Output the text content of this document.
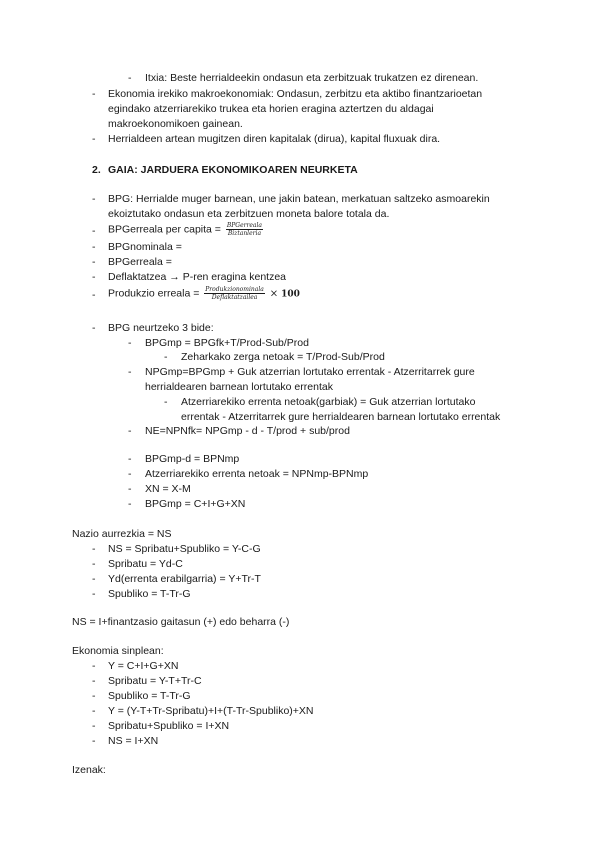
- Itxia: Beste herrialdeekin ondasun eta zerbitzuak trukatzen ez direnean.
- Ekonomia irekiko makroekonomiak: Ondasun, zerbitzu eta aktibo finantzarioetan
egindako atzerriarekiko trukea eta horien eragina aztertzen du aldagai
makroekonomikoen gainean.
- Herrialdeen artean mugitzen diren kapitalak (dirua), kapital fluxuak dira.
2. GAIA: JARDUERA EKONOMIKOAREN NEURKETA
- BPG: Herrialde muger barnean, une jakin batean, merkatuan saltzeko asmoarekin
ekoiztutako ondasun eta zerbitzuen moneta balore totala da.
- BPGerreala per capita = $\frac{\text{BPGerreala}}{\text{Biztanleria}}$
- BPGnominala =
- BPGerreala =
- Deflaktatzea → P-ren eragina kentzea
- Produkzio erreala = $\frac{\text{Produkzionominala}}{\text{Deflaktatzailea}} \times 100$
- BPG neurtzeko 3 bide:
- BPGmp = BPGfk+T/Prod-Sub/Prod
- Zeharkako zerga netoak = T/Prod-Sub/Prod
- NPGmp=BPGmp + Guk atzerrian lortutako errentak - Atzerritarrek gure
herrialdearen barnean lortutako errentak
- Atzerriarekiko errenta netoak(garbiak) = Guk atzerrian lortutako
errentak - Atzerritarrek gure herrialdearen barnean lortutako errentak
- NE=NPNfk= NPGmp - d - T/prod + sub/prod
- BPGmp-d = BPNmp
- Atzerriarekiko errenta netoak = NPNmp-BPNmp
- XN = X-M
- BPGmp = C+I+G+XN
Nazio aurrezkia = NS
- NS = Spribatu+Spubliko = Y-C-G
- Spribatu = Yd-C
- Yd(errenta erabilgarria) = Y+Tr-T
- Spubliko = T-Tr-G
NS = I+finantzasio gaitasun (+) edo beharra (-)
Ekonomia sinplean:
- Y = C+I+G+XN
- Spribatu = Y-T+Tr-C
- Spubliko = T-Tr-G
- Y = (Y-T+Tr-Spribatu)+I+(T-Tr-Spubliko)+XN
- Spribatu+Spubliko = I+XN
- NS = I+XN
Izenak:
